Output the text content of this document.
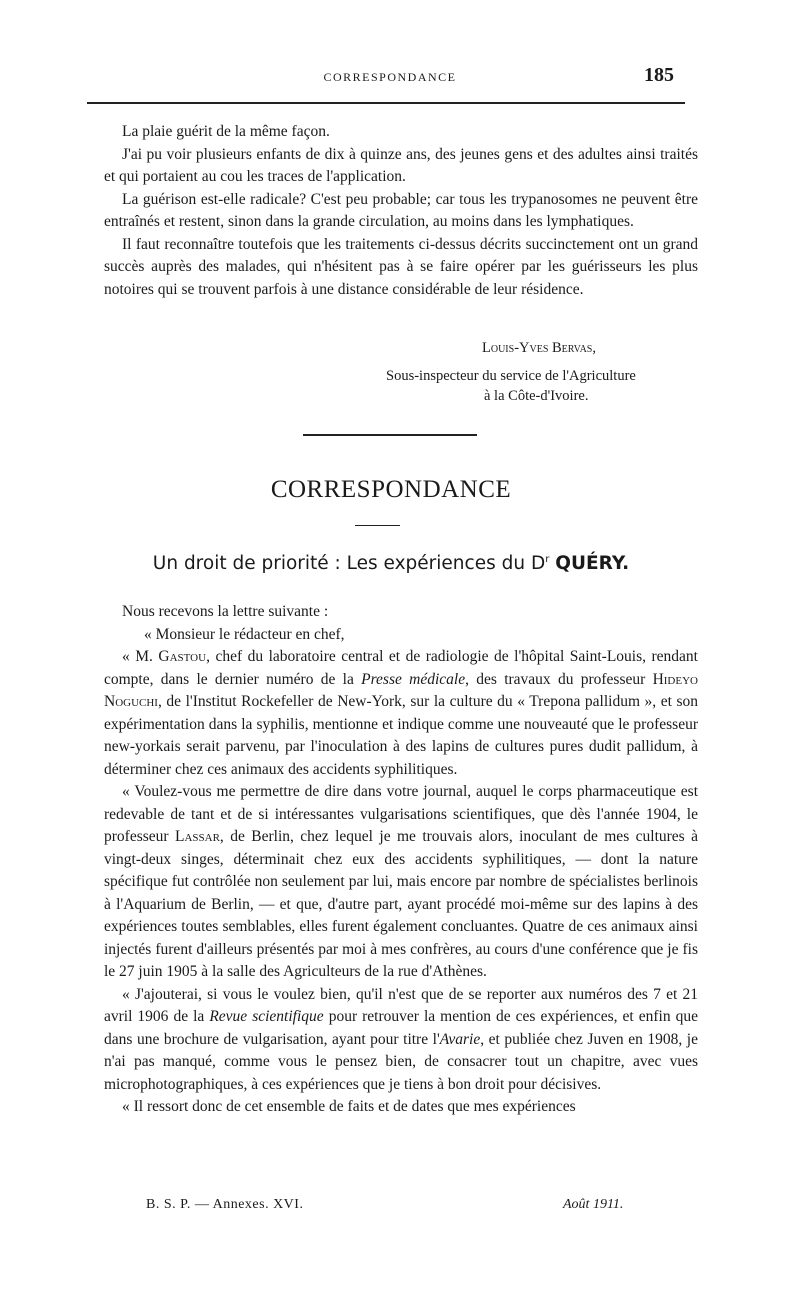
CORRESPONDANCE	185

La plaie guérit de la même façon.

J'ai pu voir plusieurs enfants de dix à quinze ans, des jeunes gens et des adultes ainsi traités et qui portaient au cou les traces de l'application.

La guérison est-elle radicale? C'est peu probable; car tous les trypanosomes ne peuvent être entraînés et restent, sinon dans la grande circulation, au moins dans les lymphatiques.

Il faut reconnaître toutefois que les traitements ci-dessus décrits succinctement ont un grand succès auprès des malades, qui n'hésitent pas à se faire opérer par les guérisseurs les plus notoires qui se trouvent parfois à une distance considérable de leur résidence.

Louis-Yves Bervas,
Sous-inspecteur du service de l'Agriculture
à la Côte-d'Ivoire.
CORRESPONDANCE
Un droit de priorité : Les expériences du $D^r$ QUÉRY.

Nous recevons la lettre suivante :

« Monsieur le rédacteur en chef,

« M. Gastou, chef du laboratoire central et de radiologie de l'hôpital Saint-Louis, rendant compte, dans le dernier numéro de la Presse médicale, des travaux du professeur Hideyo Noguchi, de l'Institut Rockefeller de New-York, sur la culture du « Trepona pallidum », et son expérimentation dans la syphilis, mentionne et indique comme une nouveauté que le professeur new-yorkais serait parvenu, par l'inoculation à des lapins de cultures pures dudit pallidum, à déterminer chez ces animaux des accidents syphilitiques.

« Voulez-vous me permettre de dire dans votre journal, auquel le corps pharmaceutique est redevable de tant et de si intéressantes vulgarisations scientifiques, que dès l'année 1904, le professeur Lassar, de Berlin, chez lequel je me trouvais alors, inoculant de mes cultures à vingt-deux singes, déterminait chez eux des accidents syphilitiques, — dont la nature spécifique fut contrôlée non seulement par lui, mais encore par nombre de spécialistes berlinois à l'Aquarium de Berlin, — et que, d'autre part, ayant procédé moi-même sur des lapins à des expériences toutes semblables, elles furent également concluantes. Quatre de ces animaux ainsi injectés furent d'ailleurs présentés par moi à mes confrères, au cours d'une conférence que je fis le 27 juin 1905 à la salle des Agriculteurs de la rue d'Athènes.

« J'ajouterai, si vous le voulez bien, qu'il n'est que de se reporter aux numéros des 7 et 21 avril 1906 de la Revue scientifique pour retrouver la mention de ces expériences, et enfin que dans une brochure de vulgarisation, ayant pour titre l'Avarie, et publiée chez Juven en 1908, je n'ai pas manqué, comme vous le pensez bien, de consacrer tout un chapitre, avec vues microphotographiques, à ces expériences que je tiens à bon droit pour décisives.

« Il ressort donc de cet ensemble de faits et de dates que mes expériences

B. S. P. — Annexes. XVI.	Août 1911.
